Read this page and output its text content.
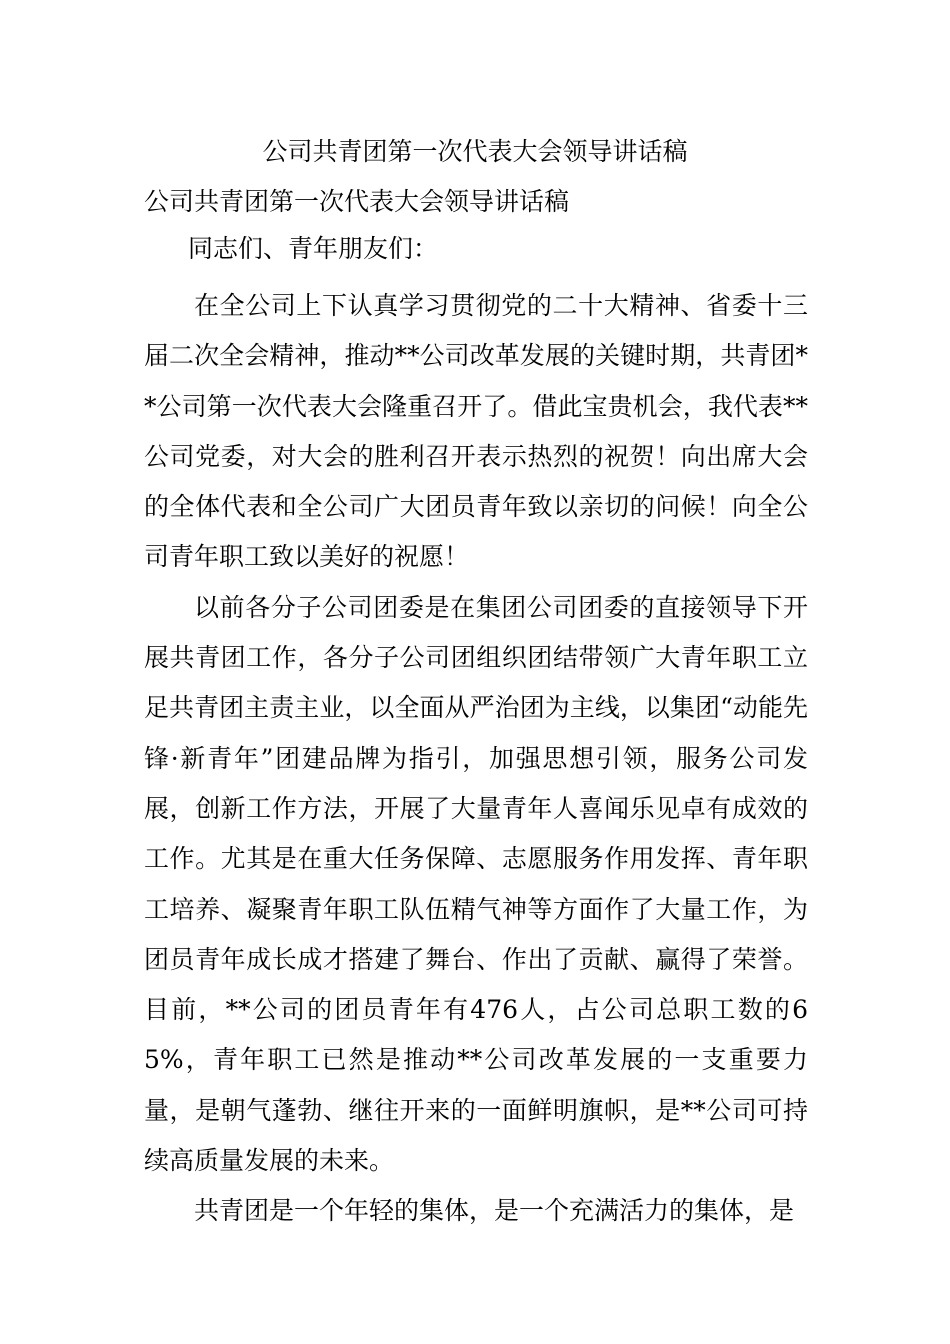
公司共青团第一次代表大会领导讲话稿
公司共青团第一次代表大会领导讲话稿

同志们、青年朋友们：

在全公司上下认真学习贯彻党的二十大精神、省委十三届二次全会精神，推动**公司改革发展的关键时期，共青团**公司第一次代表大会隆重召开了。借此宝贵机会，我代表**公司党委，对大会的胜利召开表示热烈的祝贺！向出席大会的全体代表和全公司广大团员青年致以亲切的问候！向全公司青年职工致以美好的祝愿！

以前各分子公司团委是在集团公司团委的直接领导下开展共青团工作，各分子公司团组织团结带领广大青年职工立足共青团主责主业，以全面从严治团为主线，以集团“动能先锋·新青年”团建品牌为指引，加强思想引领，服务公司发展，创新工作方法，开展了大量青年人喜闻乐见卓有成效的工作。尤其是在重大任务保障、志愿服务作用发挥、青年职工培养、凝聚青年职工队伍精气神等方面作了大量工作，为团员青年成长成才搭建了舞台、作出了贡献、赢得了荣誉。目前，**公司的团员青年有476人，占公司总职工数的65%，青年职工已然是推动**公司改革发展的一支重要力量，是朝气蓬勃、继往开来的一面鲜明旗帜，是**公司可持续高质量发展的未来。

共青团是一个年轻的集体，是一个充满活力的集体，是
